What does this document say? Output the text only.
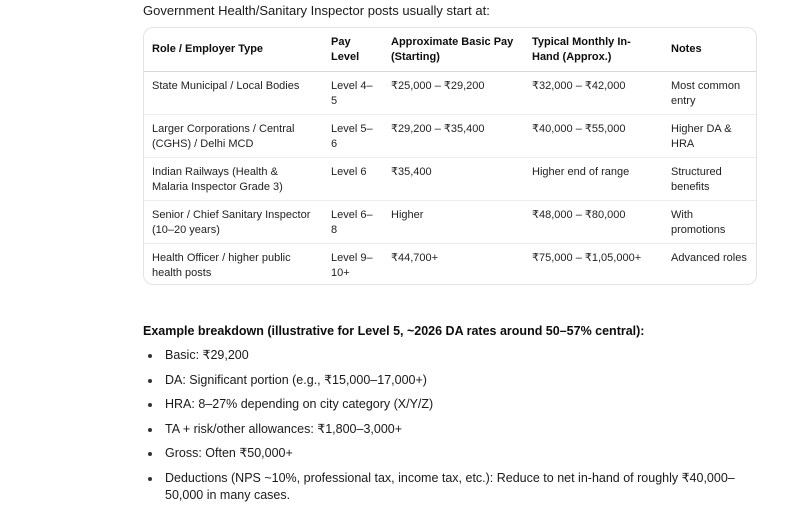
Government Health/Sanitary Inspector posts usually start at:
Role / Employer Type	Pay Level	Approximate Basic Pay (Starting)	Typical Monthly In-Hand (Approx.)	Notes
State Municipal / Local Bodies	Level 4–5	₹25,000 – ₹29,200	₹32,000 – ₹42,000	Most common entry
Larger Corporations / Central (CGHS) / Delhi MCD	Level 5–6	₹29,200 – ₹35,400	₹40,000 – ₹55,000	Higher DA & HRA
Indian Railways (Health & Malaria Inspector Grade 3)	Level 6	₹35,400	Higher end of range	Structured benefits
Senior / Chief Sanitary Inspector (10–20 years)	Level 6–8	Higher	₹48,000 – ₹80,000	With promotions
Health Officer / higher public health posts	Level 9–10+	₹44,700+	₹75,000 – ₹1,05,000+	Advanced roles
Example breakdown (illustrative for Level 5, ~2026 DA rates around 50–57% central):
Basic: ₹29,200
DA: Significant portion (e.g., ₹15,000–17,000+)
HRA: 8–27% depending on city category (X/Y/Z)
TA + risk/other allowances: ₹1,800–3,000+
Gross: Often ₹50,000+
Deductions (NPS ~10%, professional tax, income tax, etc.): Reduce to net in-hand of roughly ₹40,000–50,000 in many cases.
